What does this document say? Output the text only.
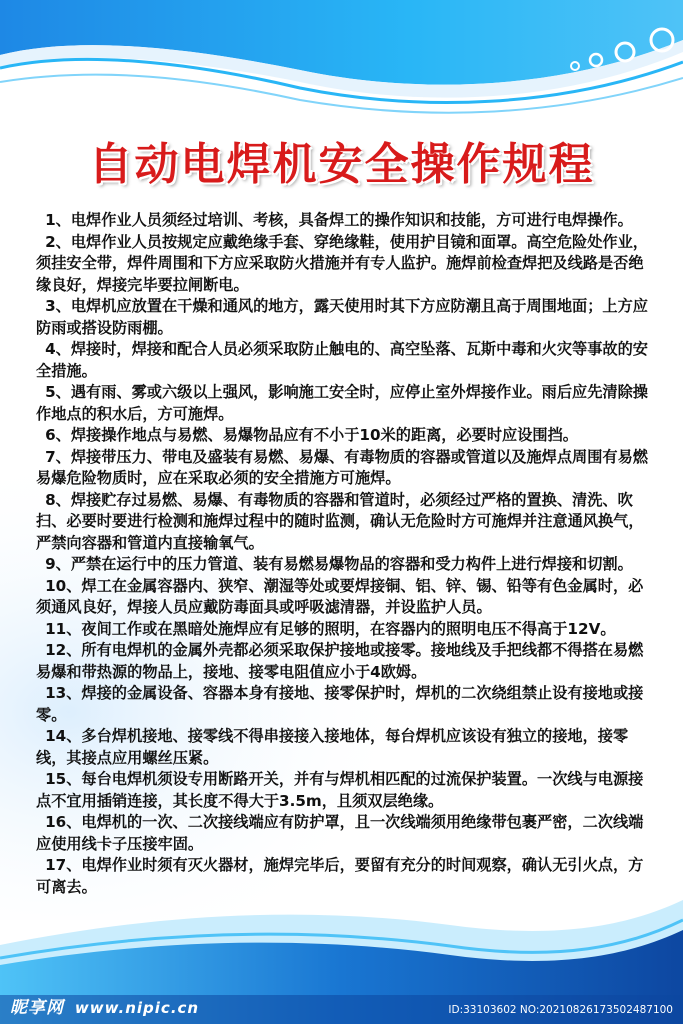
自动电焊机安全操作规程
1、电焊作业人员须经过培训、考核，具备焊工的操作知识和技能，方可进行电焊操作。
2、电焊作业人员按规定应戴绝缘手套、穿绝缘鞋，使用护目镜和面罩。高空危险处作业，须挂安全带，焊件周围和下方应采取防火措施并有专人监护。施焊前检查焊把及线路是否绝缘良好，焊接完毕要拉闸断电。
3、电焊机应放置在干燥和通风的地方，露天使用时其下方应防潮且高于周围地面；上方应防雨或搭设防雨棚。
4、焊接时，焊接和配合人员必须采取防止触电的、高空坠落、瓦斯中毒和火灾等事故的安全措施。
5、遇有雨、雾或六级以上强风，影响施工安全时，应停止室外焊接作业。雨后应先清除操作地点的积水后，方可施焊。
6、焊接操作地点与易燃、易爆物品应有不小于10米的距离，必要时应设围挡。
7、焊接带压力、带电及盛装有易燃、易爆、有毒物质的容器或管道以及施焊点周围有易燃易爆危险物质时，应在采取必须的安全措施方可施焊。
8、焊接贮存过易燃、易爆、有毒物质的容器和管道时，必须经过严格的置换、清洗、吹扫、必要时要进行检测和施焊过程中的随时监测，确认无危险时方可施焊并注意通风换气，严禁向容器和管道内直接输氧气。
9、严禁在运行中的压力管道、装有易燃易爆物品的容器和受力构件上进行焊接和切割。
10、焊工在金属容器内、狭窄、潮湿等处或要焊接铜、铝、锌、锡、铅等有色金属时，必须通风良好，焊接人员应戴防毒面具或呼吸滤清器，并设监护人员。
11、夜间工作或在黑暗处施焊应有足够的照明，在容器内的照明电压不得高于12V。
12、所有电焊机的金属外壳都必须采取保护接地或接零。接地线及手把线都不得搭在易燃易爆和带热源的物品上，接地、接零电阻值应小于4欧姆。
13、焊接的金属设备、容器本身有接地、接零保护时，焊机的二次绕组禁止设有接地或接零。
14、多台焊机接地、接零线不得串接接入接地体，每台焊机应该设有独立的接地，接零线，其接点应用螺丝压紧。
15、每台电焊机须设专用断路开关，并有与焊机相匹配的过流保护装置。一次线与电源接点不宜用插销连接，其长度不得大于3.5m，且须双层绝缘。
16、电焊机的一次、二次接线端应有防护罩，且一次线端须用绝缘带包裹严密，二次线端应使用线卡子压接牢固。
17、电焊作业时须有灭火器材，施焊完毕后，要留有充分的时间观察，确认无引火点，方可离去。
昵享网 www.nipic.cn	ID:33103602 NO:20210826173502487100
